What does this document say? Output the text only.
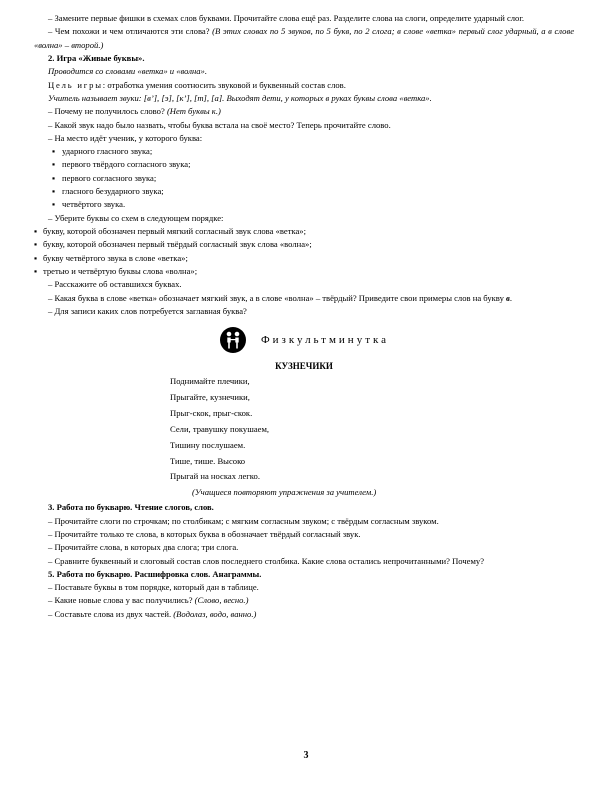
– Замените первые фишки в схемах слов буквами. Прочитайте слова ещё раз. Разделите слова на слоги, определите ударный слог.

– Чем похожи и чем отличаются эти слова? (В этих словах по 5 звуков, по 5 букв, по 2 слога; в слове «ветка» первый слог ударный, а в слове «волна» – второй.)

2. Игра «Живые буквы».

Проводится со словами «ветка» и «волна».

Цель игры: отработка умения соотносить звуковой и буквенный состав слов.

Учитель называет звуки: [в’], [э], [к’], [т], [а]. Выходят дети, у которых в руках буквы слова «ветка».

– Почему не получилось слово? (Нет буквы к.)

– Какой звук надо было назвать, чтобы буква встала на своё место? Теперь прочитайте слово.

– На место идёт ученик, у которого буква:

▪ ударного гласного звука;
▪ первого твёрдого согласного звука;
▪ первого согласного звука;
▪ гласного безударного звука;
▪ четвёртого звука.

– Уберите буквы со схем в следующем порядке:

▪ букву, которой обозначен первый мягкий согласный звук слова «ветка»;
▪ букву, которой обозначен первый твёрдый согласный звук слова «волна»;
▪ букву четвёртого звука в слове «ветка»;
▪ третью и четвёртую буквы слова «волна»;

– Расскажите об оставшихся буквах.

– Какая буква в слове «ветка» обозначает мягкий звук, а в слове «волна» – твёрдый? Приведите свои примеры слов на букву в.

– Для записи каких слов потребуется заглавная буква?

Физкультминутка

КУЗНЕЧИКИ

Поднимайте плечики,

Прыгайте, кузнечики,

Прыг-скок, прыг-скок.

Сели, травушку покушаем,

Тишину послушаем.

Тише, тише. Высоко

Прыгай на носках легко.

(Учащиеся повторяют упражнения за учителем.)

3. Работа по букварю. Чтение слогов, слов.

– Прочитайте слоги по строчкам; по столбикам; с мягким согласным звуком; с твёрдым согласным звуком.

– Прочитайте только те слова, в которых буква в обозначает твёрдый согласный звук.

– Прочитайте слова, в которых два слога; три слога.

– Сравните буквенный и слоговый состав слов последнего столбика. Какие слова остались непрочитанными? Почему?

5. Работа по букварю. Расшифровка слов. Анаграммы.

– Поставьте буквы в том порядке, который дан в таблице.

– Какие новые слова у вас получились? (Слово, весно.)

– Составьте слова из двух частей. (Водолаз, водо, ванно.)

3
